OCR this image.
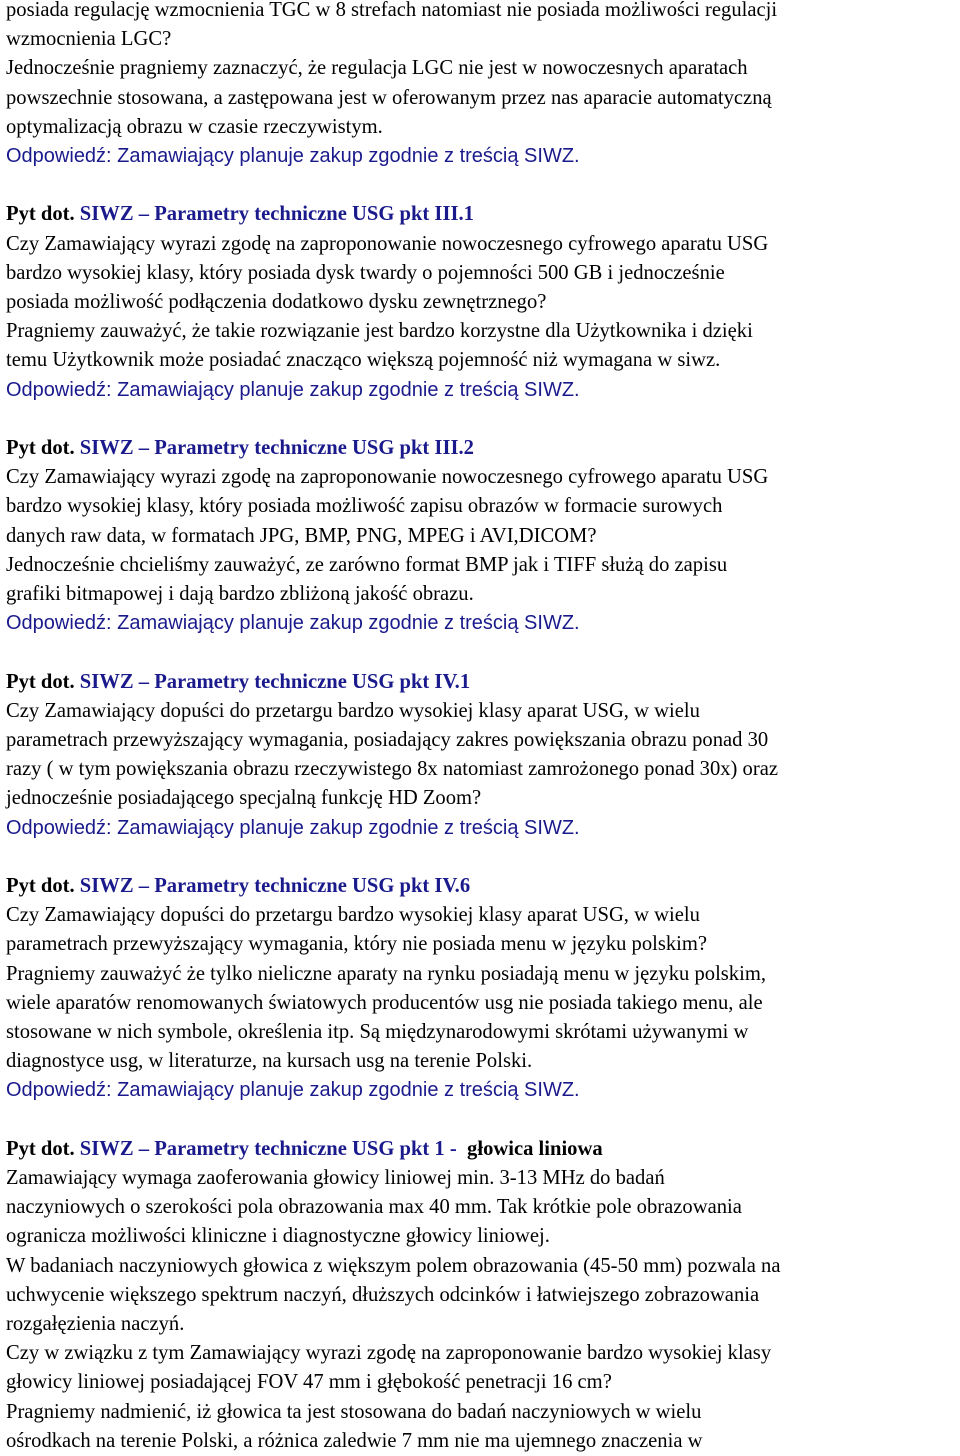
posiada regulację wzmocnienia TGC w 8 strefach natomiast nie posiada możliwości regulacji

wzmocnienia LGC?

Jednocześnie pragniemy zaznaczyć, że regulacja LGC nie jest w nowoczesnych aparatach

powszechnie stosowana, a zastępowana jest w oferowanym przez nas aparacie automatyczną

optymalizacją obrazu w czasie rzeczywistym.

Odpowiedź: Zamawiający planuje zakup zgodnie z treścią SIWZ.

Pyt dot. SIWZ – Parametry techniczne USG pkt III.1

Czy Zamawiający wyrazi zgodę na zaproponowanie nowoczesnego cyfrowego aparatu USG

bardzo wysokiej klasy, który posiada dysk twardy o pojemności 500 GB i jednocześnie

posiada możliwość podłączenia dodatkowo dysku zewnętrznego?

Pragniemy zauważyć, że takie rozwiązanie jest bardzo korzystne dla Użytkownika i dzięki

temu Użytkownik może posiadać znacząco większą pojemność niż wymagana w siwz.

Odpowiedź: Zamawiający planuje zakup zgodnie z treścią SIWZ.

Pyt dot. SIWZ – Parametry techniczne USG pkt III.2

Czy Zamawiający wyrazi zgodę na zaproponowanie nowoczesnego cyfrowego aparatu USG

bardzo wysokiej klasy, który posiada możliwość zapisu obrazów w formacie surowych

danych raw data, w formatach JPG, BMP, PNG, MPEG i AVI,DICOM?

Jednocześnie chcieliśmy zauważyć, ze zarówno format BMP jak i TIFF służą do zapisu

grafiki bitmapowej i dają bardzo zbliżoną jakość obrazu.

Odpowiedź: Zamawiający planuje zakup zgodnie z treścią SIWZ.

Pyt dot. SIWZ – Parametry techniczne USG pkt IV.1

Czy Zamawiający dopuści do przetargu bardzo wysokiej klasy aparat USG, w wielu

parametrach przewyższający wymagania, posiadający zakres powiększania obrazu ponad 30

razy ( w tym powiększania obrazu rzeczywistego 8x natomiast zamrożonego ponad 30x) oraz

jednocześnie posiadającego specjalną funkcję HD Zoom?

Odpowiedź: Zamawiający planuje zakup zgodnie z treścią SIWZ.

Pyt dot. SIWZ – Parametry techniczne USG pkt IV.6

Czy Zamawiający dopuści do przetargu bardzo wysokiej klasy aparat USG, w wielu

parametrach przewyższający wymagania, który nie posiada menu w języku polskim?

Pragniemy zauważyć że tylko nieliczne aparaty na rynku posiadają menu w języku polskim,

wiele aparatów renomowanych światowych producentów usg nie posiada takiego menu, ale

stosowane w nich symbole, określenia itp. Są międzynarodowymi skrótami używanymi w

diagnostyce usg, w literaturze, na kursach usg na terenie Polski.

Odpowiedź: Zamawiający planuje zakup zgodnie z treścią SIWZ.

Pyt dot. SIWZ – Parametry techniczne USG pkt 1 -  głowica liniowa

Zamawiający wymaga zaoferowania głowicy liniowej min. 3-13 MHz do badań

naczyniowych o szerokości pola obrazowania max 40 mm. Tak krótkie pole obrazowania

ogranicza możliwości kliniczne i diagnostyczne głowicy liniowej.

W badaniach naczyniowych głowica z większym polem obrazowania (45-50 mm) pozwala na

uchwycenie większego spektrum naczyń, dłuższych odcinków i łatwiejszego zobrazowania

rozgałęzienia naczyń.

Czy w związku z tym Zamawiający wyrazi zgodę na zaproponowanie bardzo wysokiej klasy

głowicy liniowej posiadającej FOV 47 mm i głębokość penetracji 16 cm?

Pragniemy nadmienić, iż głowica ta jest stosowana do badań naczyniowych w wielu

ośrodkach na terenie Polski, a różnica zaledwie 7 mm nie ma ujemnego znaczenia w
